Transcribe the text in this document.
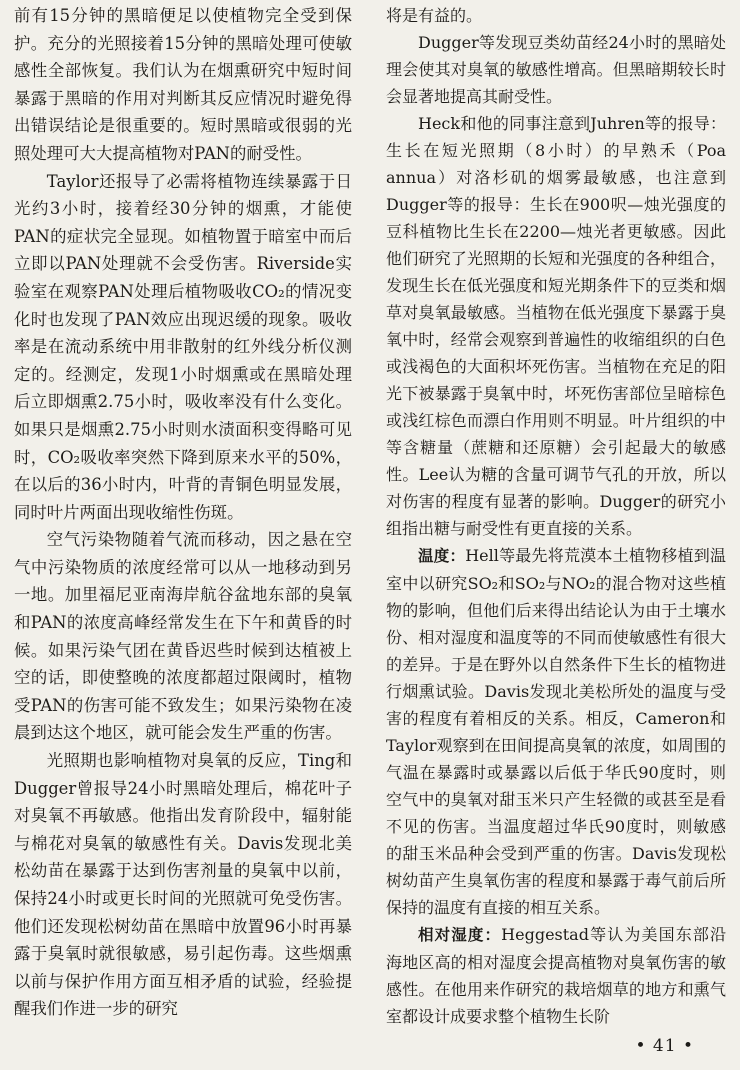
前有15分钟的黑暗便足以使植物完全受到保护。充分的光照接着15分钟的黑暗处理可使敏感性全部恢复。我们认为在烟熏研究中短时间暴露于黑暗的作用对判断其反应情况时避免得出错误结论是很重要的。短时黑暗或很弱的光照处理可大大提高植物对PAN的耐受性。

Taylor还报导了必需将植物连续暴露于日光约3小时，接着经30分钟的烟熏，才能使PAN的症状完全显现。如植物置于暗室中而后立即以PAN处理就不会受伤害。Riverside实验室在观察PAN处理后植物吸收CO₂的情况变化时也发现了PAN效应出现迟缓的现象。吸收率是在流动系统中用非散射的红外线分析仪测定的。经测定，发现1小时烟熏或在黑暗处理后立即烟熏2.75小时，吸收率没有什么变化。如果只是烟熏2.75小时则水渍面积变得略可见时，CO₂吸收率突然下降到原来水平的50%，在以后的36小时内，叶背的青铜色明显发展，同时叶片两面出现收缩性伤斑。

空气污染物随着气流而移动，因之悬在空气中污染物质的浓度经常可以从一地移动到另一地。加里福尼亚南海岸航谷盆地东部的臭氧和PAN的浓度高峰经常发生在下午和黄昏的时候。如果污染气团在黄昏迟些时候到达植被上空的话，即使整晚的浓度都超过限阈时，植物受PAN的伤害可能不致发生；如果污染物在凌晨到达这个地区，就可能会发生严重的伤害。

光照期也影响植物对臭氧的反应，Ting和Dugger曾报导24小时黑暗处理后，棉花叶子对臭氧不再敏感。他指出发育阶段中，辐射能与棉花对臭氧的敏感性有关。Davis发现北美松幼苗在暴露于达到伤害剂量的臭氧中以前，保持24小时或更长时间的光照就可免受伤害。他们还发现松树幼苗在黑暗中放置96小时再暴露于臭氧时就很敏感，易引起伤毒。这些烟熏以前与保护作用方面互相矛盾的试验，经验提醒我们作进一步的研究

将是有益的。

Dugger等发现豆类幼苗经24小时的黑暗处理会使其对臭氧的敏感性增高。但黑暗期较长时会显著地提高其耐受性。

Heck和他的同事注意到Juhren等的报导：生长在短光照期（8小时）的早熟禾（Poa annua）对洛杉矶的烟雾最敏感，也注意到Dugger等的报导：生长在900呎—烛光强度的豆科植物比生长在2200—烛光者更敏感。因此他们研究了光照期的长短和光强度的各种组合，发现生长在低光强度和短光期条件下的豆类和烟草对臭氧最敏感。当植物在低光强度下暴露于臭氧中时，经常会观察到普遍性的收缩组织的白色或浅褐色的大面积坏死伤害。当植物在充足的阳光下被暴露于臭氧中时，坏死伤害部位呈暗棕色或浅红棕色而漂白作用则不明显。叶片组织的中等含糖量（蔗糖和还原糖）会引起最大的敏感性。Lee认为糖的含量可调节气孔的开放，所以对伤害的程度有显著的影响。Dugger的研究小组指出糖与耐受性有更直接的关系。

温度：Hell等最先将荒漠本土植物移植到温室中以研究SO₂和SO₂与NO₂的混合物对这些植物的影响，但他们后来得出结论认为由于土壤水份、相对湿度和温度等的不同而使敏感性有很大的差异。于是在野外以自然条件下生长的植物进行烟熏试验。Davis发现北美松所处的温度与受害的程度有着相反的关系。相反，Cameron和Taylor观察到在田间提高臭氧的浓度，如周围的气温在暴露时或暴露以后低于华氏90度时，则空气中的臭氧对甜玉米只产生轻微的或甚至是看不见的伤害。当温度超过华氏90度时，则敏感的甜玉米品种会受到严重的伤害。Davis发现松树幼苗产生臭氧伤害的程度和暴露于毒气前后所保持的温度有直接的相互关系。

相对湿度：Heggestad等认为美国东部沿海地区高的相对湿度会提高植物对臭氧伤害的敏感性。在他用来作研究的栽培烟草的地方和熏气室都设计成要求整个植物生长阶

• 41 •
